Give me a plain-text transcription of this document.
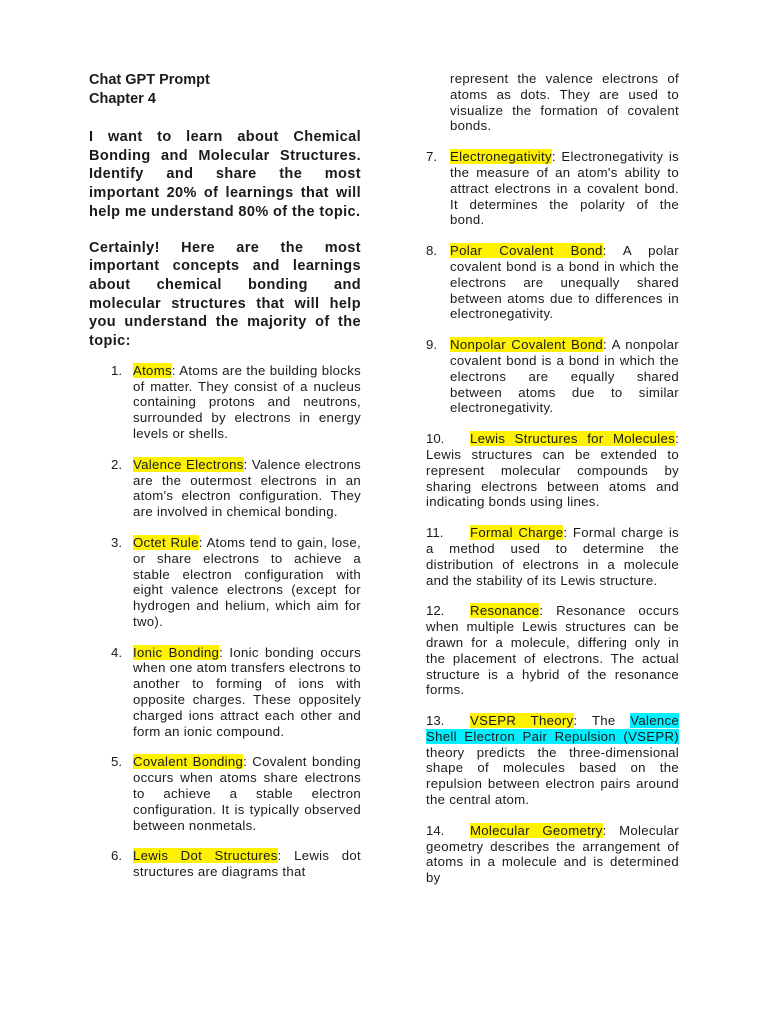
Chat GPT Prompt

Chapter 4

I want to learn about Chemical Bonding and Molecular Structures. Identify and share the most important 20% of learnings that will help me understand 80% of the topic.

Certainly! Here are the most important concepts and learnings about chemical bonding and molecular structures that will help you understand the majority of the topic:

1. Atoms: Atoms are the building blocks of matter. They consist of a nucleus containing protons and neutrons, surrounded by electrons in energy levels or shells.

2. Valence Electrons: Valence electrons are the outermost electrons in an atom's electron configuration. They are involved in chemical bonding.

3. Octet Rule: Atoms tend to gain, lose, or share electrons to achieve a stable electron configuration with eight valence electrons (except for hydrogen and helium, which aim for two).

4. Ionic Bonding: Ionic bonding occurs when one atom transfers electrons to another to forming of ions with opposite charges. These oppositely charged ions attract each other and form an ionic compound.

5. Covalent Bonding: Covalent bonding occurs when atoms share electrons to achieve a stable electron configuration. It is typically observed between nonmetals.

6. Lewis Dot Structures: Lewis dot structures are diagrams that

represent the valence electrons of atoms as dots. They are used to visualize the formation of covalent bonds.

7. Electronegativity: Electronegativity is the measure of an atom's ability to attract electrons in a covalent bond. It determines the polarity of the bond.

8. Polar Covalent Bond: A polar covalent bond is a bond in which the electrons are unequally shared between atoms due to differences in electronegativity.

9. Nonpolar Covalent Bond: A nonpolar covalent bond is a bond in which the electrons are equally shared between atoms due to similar electronegativity.

10.	Lewis Structures for Molecules: Lewis structures can be extended to represent molecular compounds by sharing electrons between atoms and indicating bonds using lines.

11.	Formal Charge: Formal charge is a method used to determine the distribution of electrons in a molecule and the stability of its Lewis structure.

12.	Resonance: Resonance occurs when multiple Lewis structures can be drawn for a molecule, differing only in the placement of electrons. The actual structure is a hybrid of the resonance forms.

13.	VSEPR Theory: The Valence Shell Electron Pair Repulsion (VSEPR) theory predicts the three-dimensional shape of molecules based on the repulsion between electron pairs around the central atom.

14.	Molecular Geometry: Molecular geometry describes the arrangement of atoms in a molecule and is determined by
